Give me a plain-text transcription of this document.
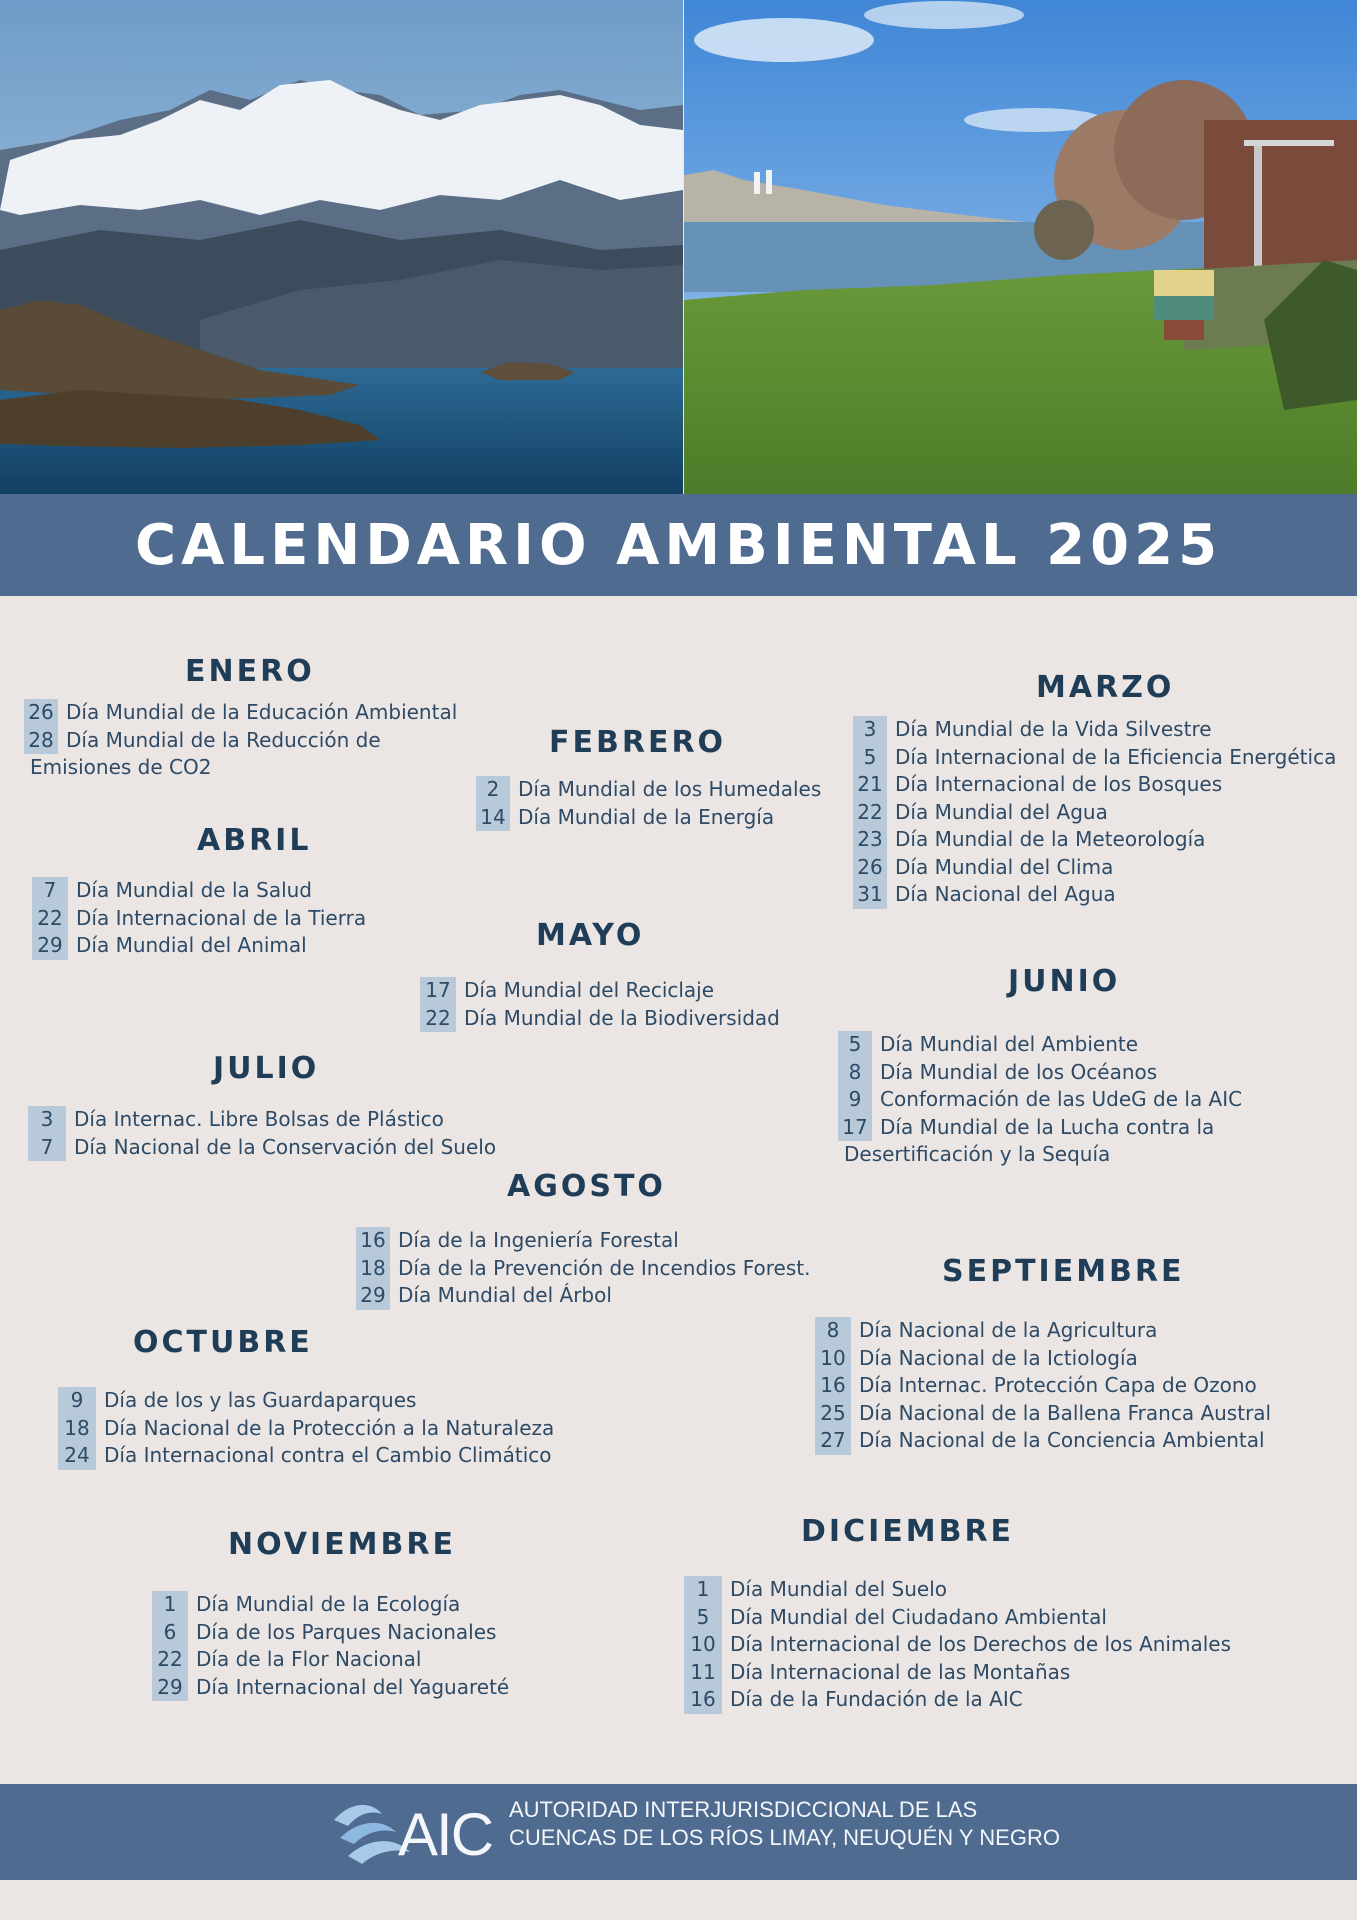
CALENDARIO AMBIENTAL 2025
ENERO
26 Día Mundial de la Educación Ambiental
28 Día Mundial de la Reducción de
Emisiones de CO2
FEBRERO
2 Día Mundial de los Humedales
14 Día Mundial de la Energía
MARZO
3 Día Mundial de la Vida Silvestre
5 Día Internacional de la Eficiencia Energética
21 Día Internacional de los Bosques
22 Día Mundial del Agua
23 Día Mundial de la Meteorología
26 Día Mundial del Clima
31 Día Nacional del Agua
ABRIL
7 Día Mundial de la Salud
22 Día Internacional de la Tierra
29 Día Mundial del Animal	MAYO
17 Día Mundial del Reciclaje
22 Día Mundial de la Biodiversidad
JUNIO
5 Día Mundial del Ambiente
8 Día Mundial de los Océanos
9 Conformación de las UdeG de la AIC
17 Día Mundial de la Lucha contra la
Desertificación y la Sequía
JULIO
3	Día Internac. Libre Bolsas de Plástico
7	Día Nacional de la Conservación del Suelo
AGOSTO
16 Día de la Ingeniería Forestal
18 Día de la Prevención de Incendios Forest.
29 Día Mundial del Árbol
SEPTIEMBRE
8 Día Nacional de la Agricultura
10 Día Nacional de la Ictiología
16 Día Internac. Protección Capa de Ozono
25 Día Nacional de la Ballena Franca Austral
27 Día Nacional de la Conciencia Ambiental
OCTUBRE
9	Día de los y las Guardaparques
18 Día Nacional de la Protección a la Naturaleza
24 Día Internacional contra el Cambio Climático
NOVIEMBRE
1 Día Mundial de la Ecología
6 Día de los Parques Nacionales
22 Día de la Flor Nacional
29 Día Internacional del Yaguareté
DICIEMBRE
1	Día Mundial del Suelo
5	Día Mundial del Ciudadano Ambiental
10 Día Internacional de los Derechos de los Animales
11 Día Internacional de las Montañas
16 Día de la Fundación de la AIC
AIC AUTORIDAD INTERJURISDICCIONAL DE LAS
CUENCAS DE LOS RÍOS LIMAY, NEUQUÉN Y NEGRO
